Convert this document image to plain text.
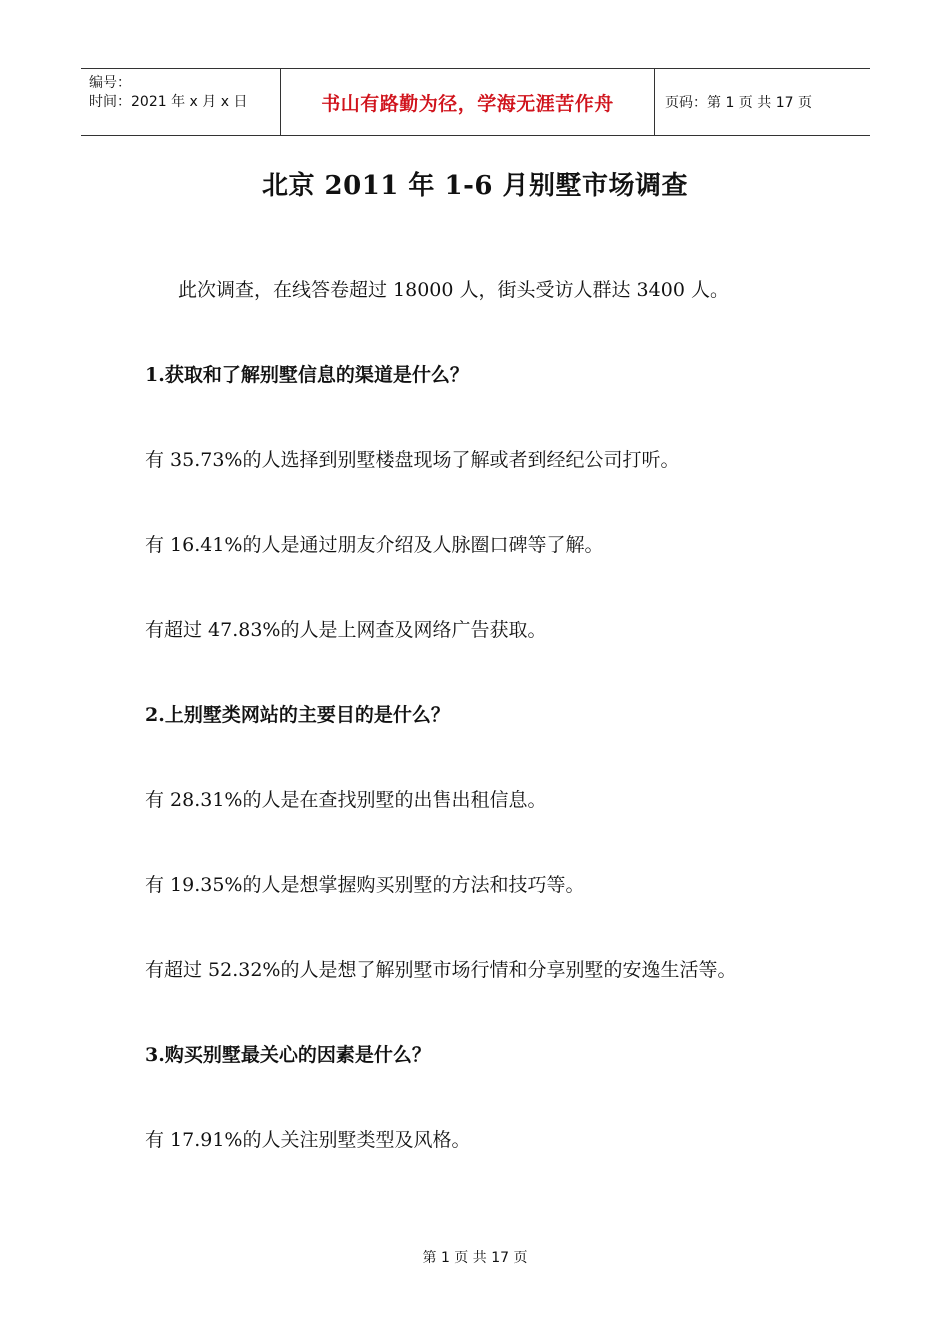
编号：
时间：2021 年 x 月 x 日	书山有路勤为径，学海无涯苦作舟	页码：第 1 页 共 17 页
北京 2011 年 1-6 月别墅市场调查
此次调查，在线答卷超过 18000 人，街头受访人群达 3400 人。
1.获取和了解别墅信息的渠道是什么？
有 35.73%的人选择到别墅楼盘现场了解或者到经纪公司打听。
有 16.41%的人是通过朋友介绍及人脉圈口碑等了解。
有超过 47.83%的人是上网查及网络广告获取。
2.上别墅类网站的主要目的是什么？
有 28.31%的人是在查找别墅的出售出租信息。
有 19.35%的人是想掌握购买别墅的方法和技巧等。
有超过 52.32%的人是想了解别墅市场行情和分享别墅的安逸生活等。
3.购买别墅最关心的因素是什么？
有 17.91%的人关注别墅类型及风格。
第 1 页 共 17 页
